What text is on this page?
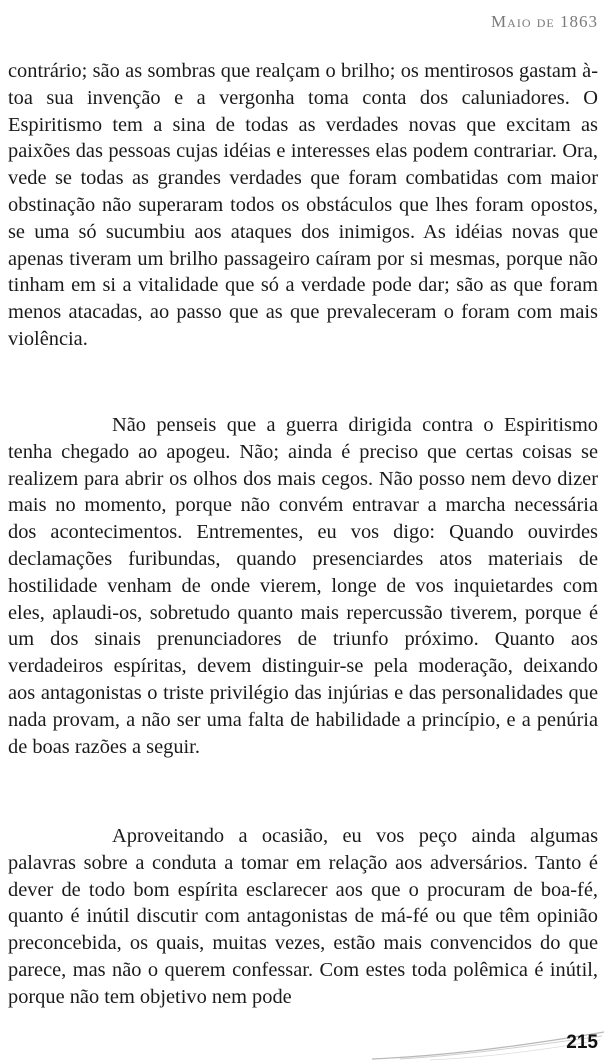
Maio de 1863

contrário; são as sombras que realçam o brilho; os mentirosos gastam à-toa sua invenção e a vergonha toma conta dos caluniadores. O Espiritismo tem a sina de todas as verdades novas que excitam as paixões das pessoas cujas idéias e interesses elas podem contrariar. Ora, vede se todas as grandes verdades que foram combatidas com maior obstinação não superaram todos os obstáculos que lhes foram opostos, se uma só sucumbiu aos ataques dos inimigos. As idéias novas que apenas tiveram um brilho passageiro caíram por si mesmas, porque não tinham em si a vitalidade que só a verdade pode dar; são as que foram menos atacadas, ao passo que as que prevaleceram o foram com mais violência.

Não penseis que a guerra dirigida contra o Espiritismo tenha chegado ao apogeu. Não; ainda é preciso que certas coisas se realizem para abrir os olhos dos mais cegos. Não posso nem devo dizer mais no momento, porque não convém entravar a marcha necessária dos acontecimentos. Entrementes, eu vos digo: Quando ouvirdes declamações furibundas, quando presenciardes atos materiais de hostilidade venham de onde vierem, longe de vos inquietardes com eles, aplaudi-os, sobretudo quanto mais repercussão tiverem, porque é um dos sinais prenunciadores de triunfo próximo. Quanto aos verdadeiros espíritas, devem distinguir-se pela moderação, deixando aos antagonistas o triste privilégio das injúrias e das personalidades que nada provam, a não ser uma falta de habilidade a princípio, e a penúria de boas razões a seguir.

Aproveitando a ocasião, eu vos peço ainda algumas palavras sobre a conduta a tomar em relação aos adversários. Tanto é dever de todo bom espírita esclarecer aos que o procuram de boa-fé, quanto é inútil discutir com antagonistas de má-fé ou que têm opinião preconcebida, os quais, muitas vezes, estão mais convencidos do que parece, mas não o querem confessar. Com estes toda polêmica é inútil, porque não tem objetivo nem pode

215
